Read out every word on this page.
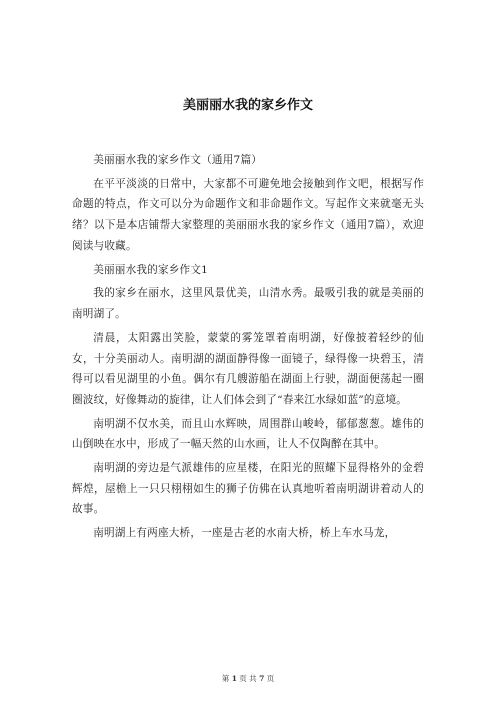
美丽丽水我的家乡作文

美丽丽水我的家乡作文（通用7篇）

在平平淡淡的日常中，大家都不可避免地会接触到作文吧，根据写作命题的特点，作文可以分为命题作文和非命题作文。写起作文来就毫无头绪？以下是本店铺帮大家整理的美丽丽水我的家乡作文（通用7篇），欢迎阅读与收藏。

美丽丽水我的家乡作文1

我的家乡在丽水，这里风景优美，山清水秀。最吸引我的就是美丽的南明湖了。

清晨，太阳露出笑脸，蒙蒙的雾笼罩着南明湖，好像披着轻纱的仙女，十分美丽动人。南明湖的湖面静得像一面镜子，绿得像一块碧玉，清得可以看见湖里的小鱼。偶尔有几艘游船在湖面上行驶，湖面便荡起一圈圈波纹，好像舞动的旋律，让人们体会到了“春来江水绿如蓝”的意境。

南明湖不仅水美，而且山水辉映，周围群山峻岭，郁郁葱葱。雄伟的山倒映在水中，形成了一幅天然的山水画，让人不仅陶醉在其中。

南明湖的旁边是气派雄伟的应星楼，在阳光的照耀下显得格外的金碧辉煌，屋檐上一只只栩栩如生的狮子仿佛在认真地听着南明湖讲着动人的故事。

南明湖上有两座大桥，一座是古老的水南大桥，桥上车水马龙，

第 1 页 共 7 页
